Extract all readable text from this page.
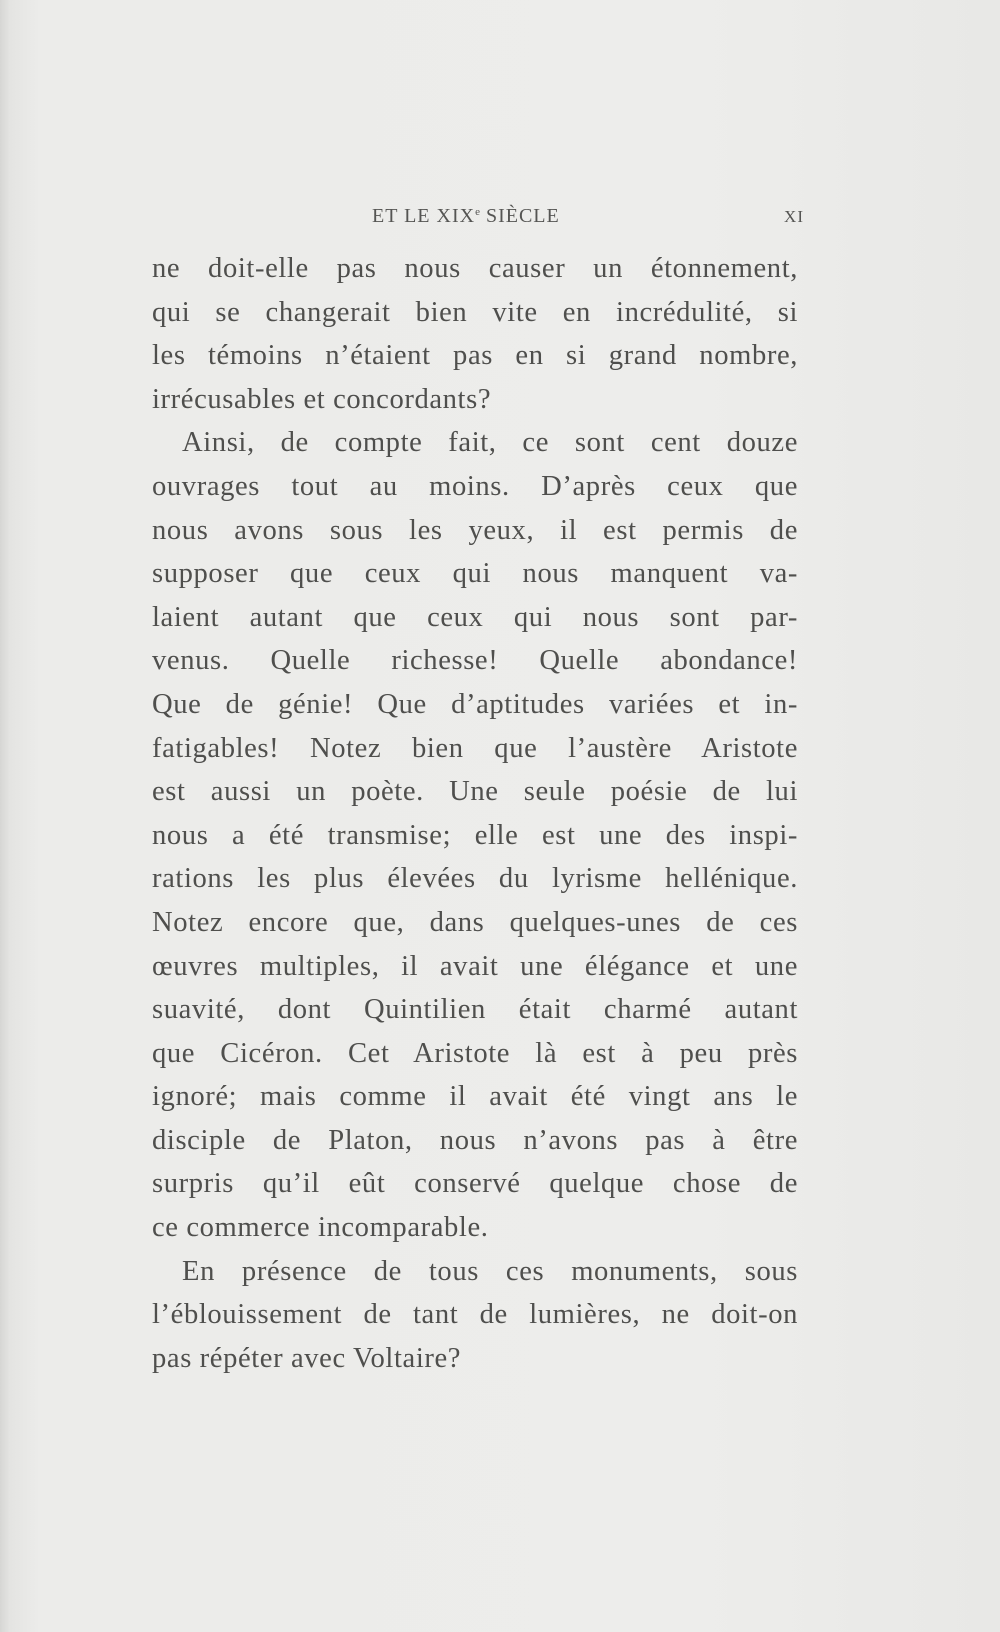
ET LE XIXe SIÈCLE	XI
ne doit-elle pas nous causer un étonnement,
qui se changerait bien vite en incrédulité, si
les témoins n’étaient pas en si grand nombre,
irrécusables et concordants?
Ainsi, de compte fait, ce sont cent douze
ouvrages tout au moins. D’après ceux que
nous avons sous les yeux, il est permis de
supposer que ceux qui nous manquent va-
laient autant que ceux qui nous sont par-
venus. Quelle richesse! Quelle abondance!
Que de génie! Que d’aptitudes variées et in-
fatigables! Notez bien que l’austère Aristote
est aussi un poète. Une seule poésie de lui
nous a été transmise; elle est une des inspi-
rations les plus élevées du lyrisme hellénique.
Notez encore que, dans quelques-unes de ces
œuvres multiples, il avait une élégance et une
suavité, dont Quintilien était charmé autant
que Cicéron. Cet Aristote là est à peu près
ignoré; mais comme il avait été vingt ans le
disciple de Platon, nous n’avons pas à être
surpris qu’il eût conservé quelque chose de
ce commerce incomparable.
En présence de tous ces monuments, sous
l’éblouissement de tant de lumières, ne doit-on
pas répéter avec Voltaire?
